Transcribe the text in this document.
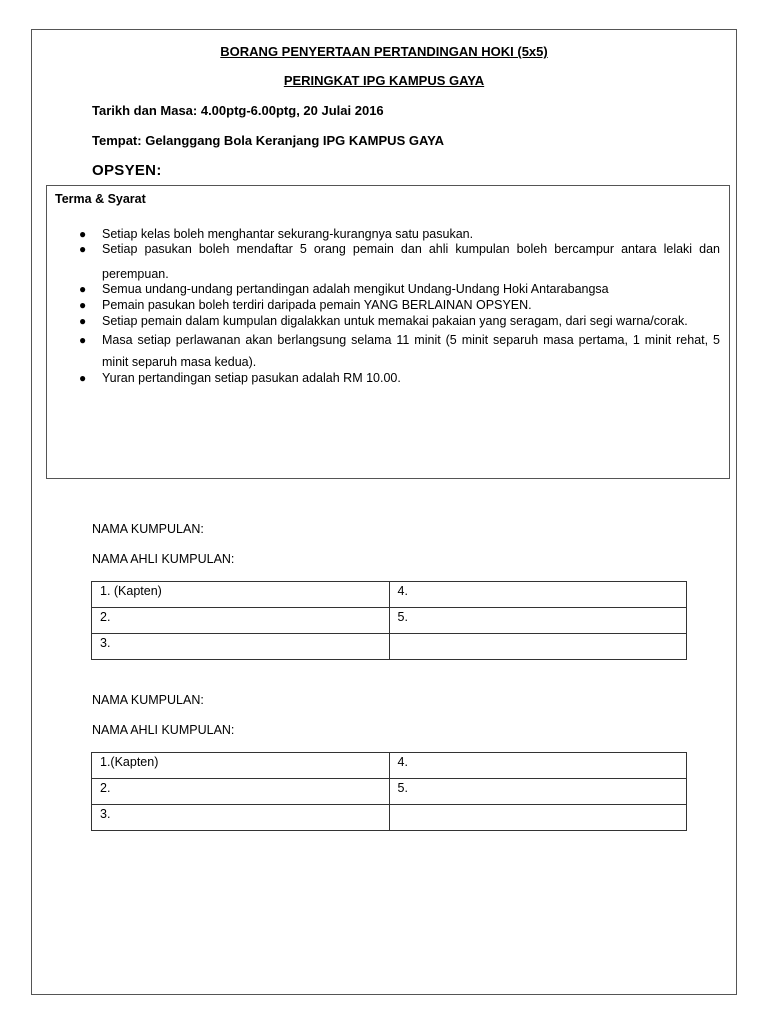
BORANG PENYERTAAN PERTANDINGAN HOKI (5x5)
PERINGKAT IPG KAMPUS GAYA
Tarikh dan Masa: 4.00ptg-6.00ptg, 20 Julai 2016
Tempat: Gelanggang Bola Keranjang IPG KAMPUS GAYA
OPSYEN:
Terma & Syarat
● Setiap kelas boleh menghantar sekurang-kurangnya satu pasukan.
● Setiap pasukan boleh mendaftar 5 orang pemain dan ahli kumpulan boleh bercampur antara lelaki dan perempuan.
● Semua undang-undang pertandingan adalah mengikut Undang-Undang Hoki Antarabangsa
● Pemain pasukan boleh terdiri daripada pemain YANG BERLAINAN OPSYEN.
● Setiap pemain dalam kumpulan digalakkan untuk memakai pakaian yang seragam, dari segi warna/corak.
● Masa setiap perlawanan akan berlangsung selama 11 minit (5 minit separuh masa pertama, 1 minit rehat, 5 minit separuh masa kedua).
● Yuran pertandingan setiap pasukan adalah RM 10.00.
NAMA KUMPULAN:
NAMA AHLI KUMPULAN:
1. (Kapten)	4.
2.	5.
3.	
NAMA KUMPULAN:
NAMA AHLI KUMPULAN:
1.(Kapten)	4.
2.	5.
3.	
